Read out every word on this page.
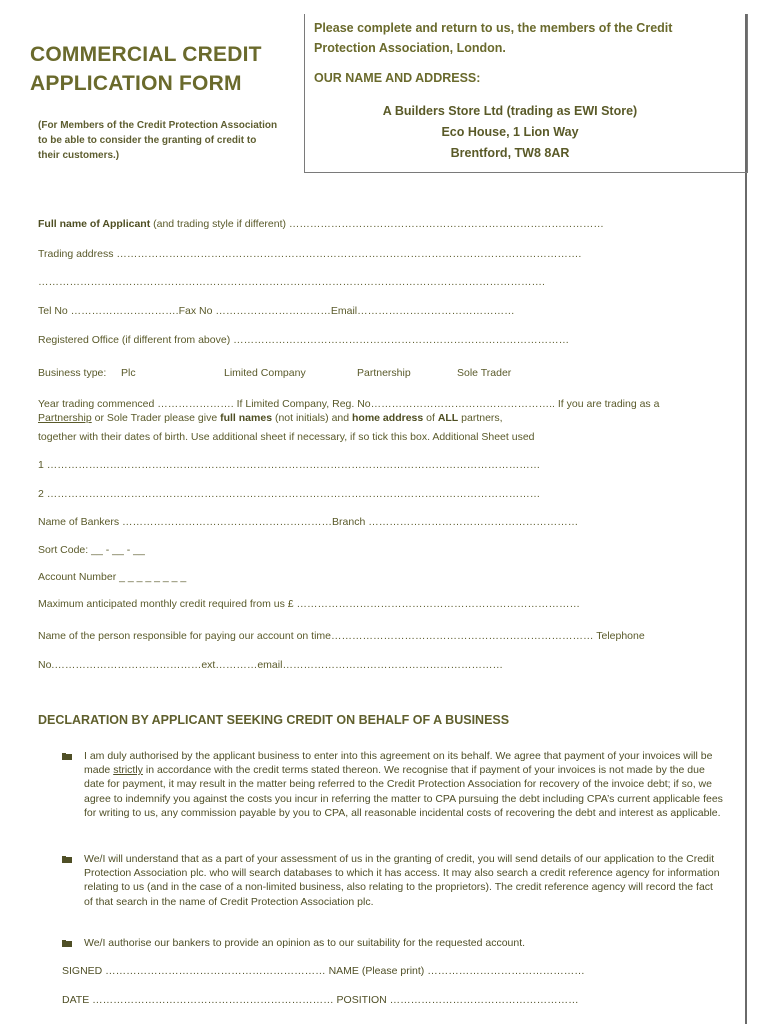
COMMERCIAL CREDIT
APPLICATION FORM
(For Members of the Credit Protection Association to be able to consider the granting of credit to their customers.)
Please complete and return to us, the members of the Credit Protection Association, London.
OUR NAME AND ADDRESS:
A Builders Store Ltd (trading as EWI Store)
Eco House, 1 Lion Way
Brentford, TW8 8AR
Full name of Applicant (and trading style if different) ………………………………………………………………………………
Trading address …………………………………………………………………………………………………………………….
……………………………………………………………………………………………………………………………….
Tel No ………………………….Fax No ……………………………Email………………………………………
Registered Office (if different from above) ……………………………………………………………………………………
Business type: Plc	Limited Company	Partnership	Sole Trader
Year trading commenced …………………. If Limited Company, Reg. No…………………………………………….. If you are trading as a
Partnership or Sole Trader please give full names (not initials) and home address of ALL partners,
together with their dates of birth. Use additional sheet if necessary, if so tick this box. Additional Sheet used
1 ……………………………………………………………………………………………………………………………
2 ……………………………………………………………………………………………………………………………
Name of Bankers ……………………………………………………Branch ……………………………………………………
Sort Code: __ - __ - __
Account Number _ _ _ _ _ _ _ _
Maximum anticipated monthly credit required from us £ ………………………………………………………………………
Name of the person responsible for paying our account on time………………………………………………………………… Telephone
No.……………………………………ext…………email………………………………………………………
DECLARATION BY APPLICANT SEEKING CREDIT ON BEHALF OF A BUSINESS
I am duly authorised by the applicant business to enter into this agreement on its behalf. We agree that payment of your invoices will be made strictly in accordance with the credit terms stated thereon. We recognise that if payment of your invoices is not made by the due date for payment, it may result in the matter being referred to the Credit Protection Association for recovery of the invoice debt; if so, we agree to indemnify you against the costs you incur in referring the matter to CPA pursuing the debt including CPA’s current applicable fees for writing to us, any commission payable by you to CPA, all reasonable incidental costs of recovering the debt and interest as applicable.
We/I will understand that as a part of your assessment of us in the granting of credit, you will send details of our application to the Credit Protection Association plc. who will search databases to which it has access. It may also search a credit reference agency for information relating to us (and in the case of a non-limited business, also relating to the proprietors). The credit reference agency will record the fact of that search in the name of Credit Protection Association plc.
We/I authorise our bankers to provide an opinion as to our suitability for the requested account.
SIGNED ……………………………………………………… NAME (Please print) ………………………………………
DATE …………………………………………………………… POSITION ………………………………………………
